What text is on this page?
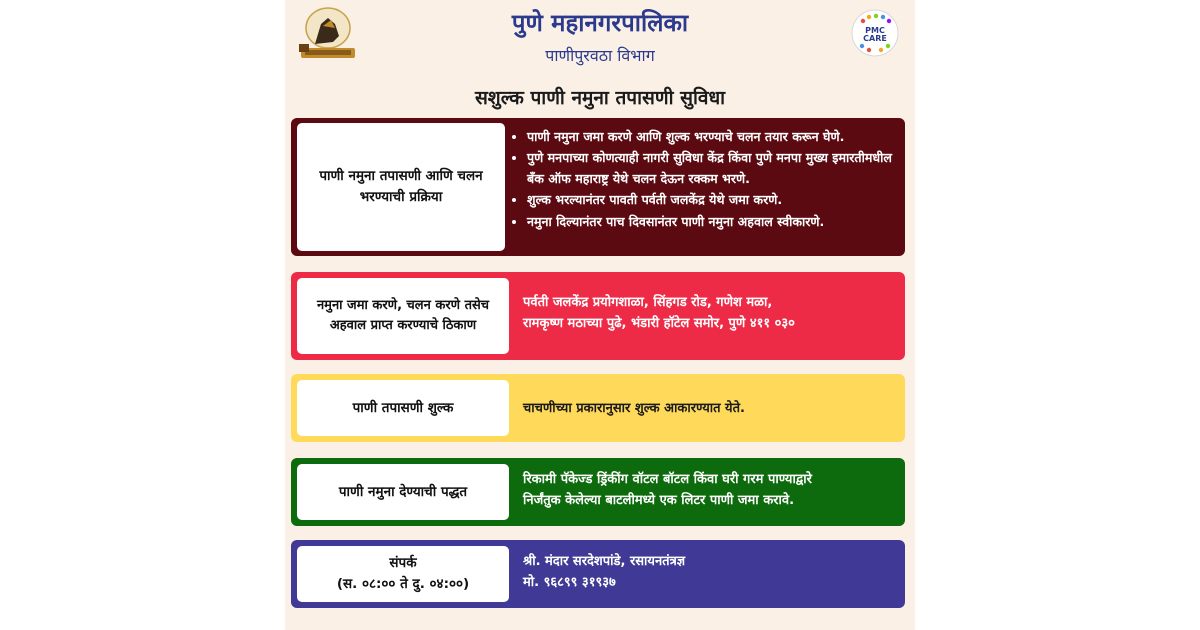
पुणे महानगरपालिका
पाणीपुरवठा विभाग
PMC
CARE
सशुल्क पाणी नमुना तपासणी सुविधा
पाणी नमुना तपासणी आणि चलन भरण्याची प्रक्रिया
• पाणी नमुना जमा करणे आणि शुल्क भरण्याचे चलन तयार करून घेणे.
• पुणे मनपाच्या कोणत्याही नागरी सुविधा केंद्र किंवा पुणे मनपा मुख्य इमारतीमधील बँक ऑफ महाराष्ट्र येथे चलन देऊन रक्कम भरणे.
• शुल्क भरल्यानंतर पावती पर्वती जलकेंद्र येथे जमा करणे.
• नमुना दिल्यानंतर पाच दिवसानंतर पाणी नमुना अहवाल स्वीकारणे.
नमुना जमा करणे, चलन करणे तसेच अहवाल प्राप्त करण्याचे ठिकाण
पर्वती जलकेंद्र प्रयोगशाळा, सिंहगड रोड, गणेश मळा,
रामकृष्ण मठाच्या पुढे, भंडारी हॉटेल समोर, पुणे ४११ ०३०
पाणी तपासणी शुल्क	चाचणीच्या प्रकारानुसार शुल्क आकारण्यात येते.
पाणी नमुना देण्याची पद्धत
रिकामी पॅकेज्ड ड्रिंकींग वॉटल बॉटल किंवा घरी गरम पाण्याद्वारे
निर्जंतुक केलेल्या बाटलीमध्ये एक लिटर पाणी जमा करावे.
संपर्क
(स. ०८:०० ते दु. ०४:००)
श्री. मंदार सरदेशपांडे, रसायनतंत्रज्ञ
मो. ९६८९९ ३१९३७
